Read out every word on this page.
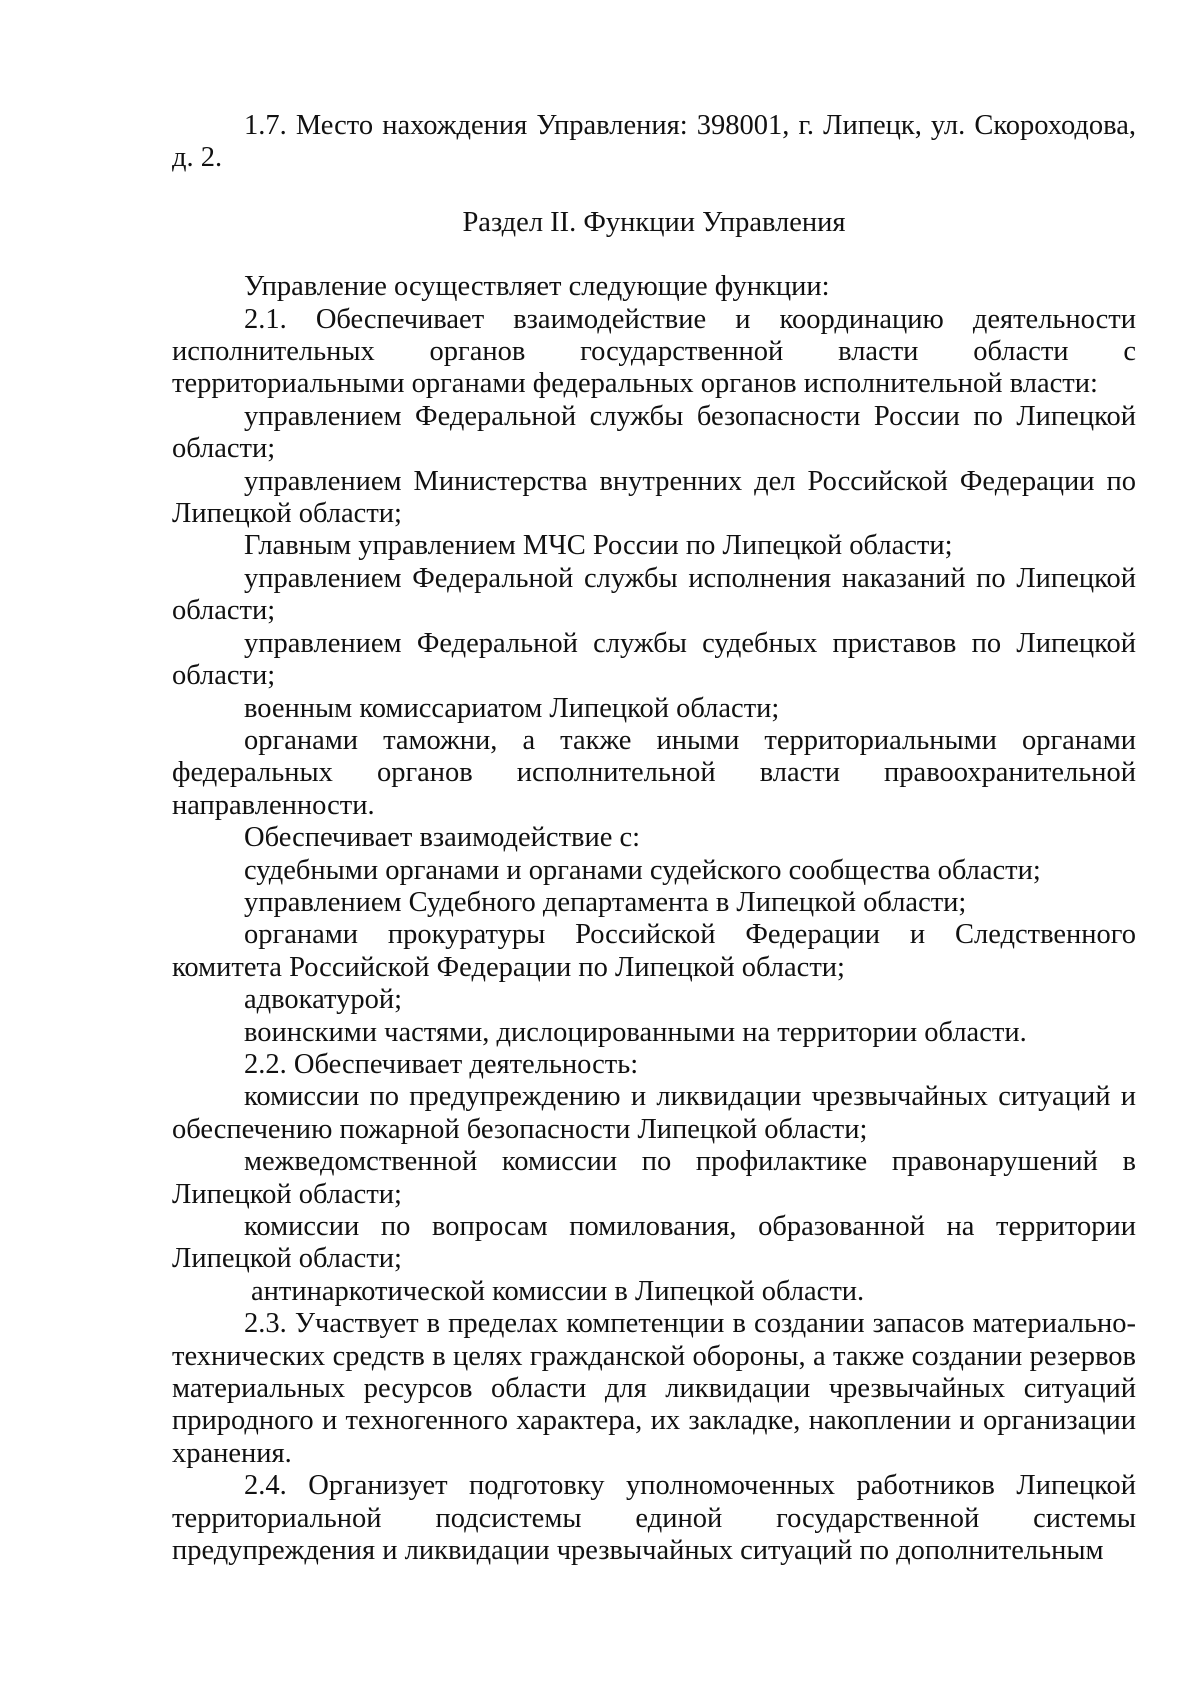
1.7. Место нахождения Управления: 398001, г. Липецк, ул. Скороходова, д. 2.

Раздел II. Функции Управления

Управление осуществляет следующие функции:

2.1. Обеспечивает взаимодействие и координацию деятельности исполнительных органов государственной власти области с территориальными органами федеральных органов исполнительной власти:

управлением Федеральной службы безопасности России по Липецкой области;

управлением Министерства внутренних дел Российской Федерации по Липецкой области;

Главным управлением МЧС России по Липецкой области;

управлением Федеральной службы исполнения наказаний по Липецкой области;

управлением Федеральной службы судебных приставов по Липецкой области;

военным комиссариатом Липецкой области;

органами таможни, а также иными территориальными органами федеральных органов исполнительной власти правоохранительной направленности.

Обеспечивает взаимодействие с:

судебными органами и органами судейского сообщества области;

управлением Судебного департамента в Липецкой области;

органами прокуратуры Российской Федерации и Следственного комитета Российской Федерации по Липецкой области;

адвокатурой;

воинскими частями, дислоцированными на территории области.

2.2. Обеспечивает деятельность:

комиссии по предупреждению и ликвидации чрезвычайных ситуаций и обеспечению пожарной безопасности Липецкой области;

межведомственной комиссии по профилактике правонарушений в Липецкой области;

комиссии по вопросам помилования, образованной на территории Липецкой области;

антинаркотической комиссии в Липецкой области.

2.3. Участвует в пределах компетенции в создании запасов материально-технических средств в целях гражданской обороны, а также создании резервов материальных ресурсов области для ликвидации чрезвычайных ситуаций природного и техногенного характера, их закладке, накоплении и организации хранения.

2.4. Организует подготовку уполномоченных работников Липецкой территориальной подсистемы единой государственной системы предупреждения и ликвидации чрезвычайных ситуаций по дополнительным
